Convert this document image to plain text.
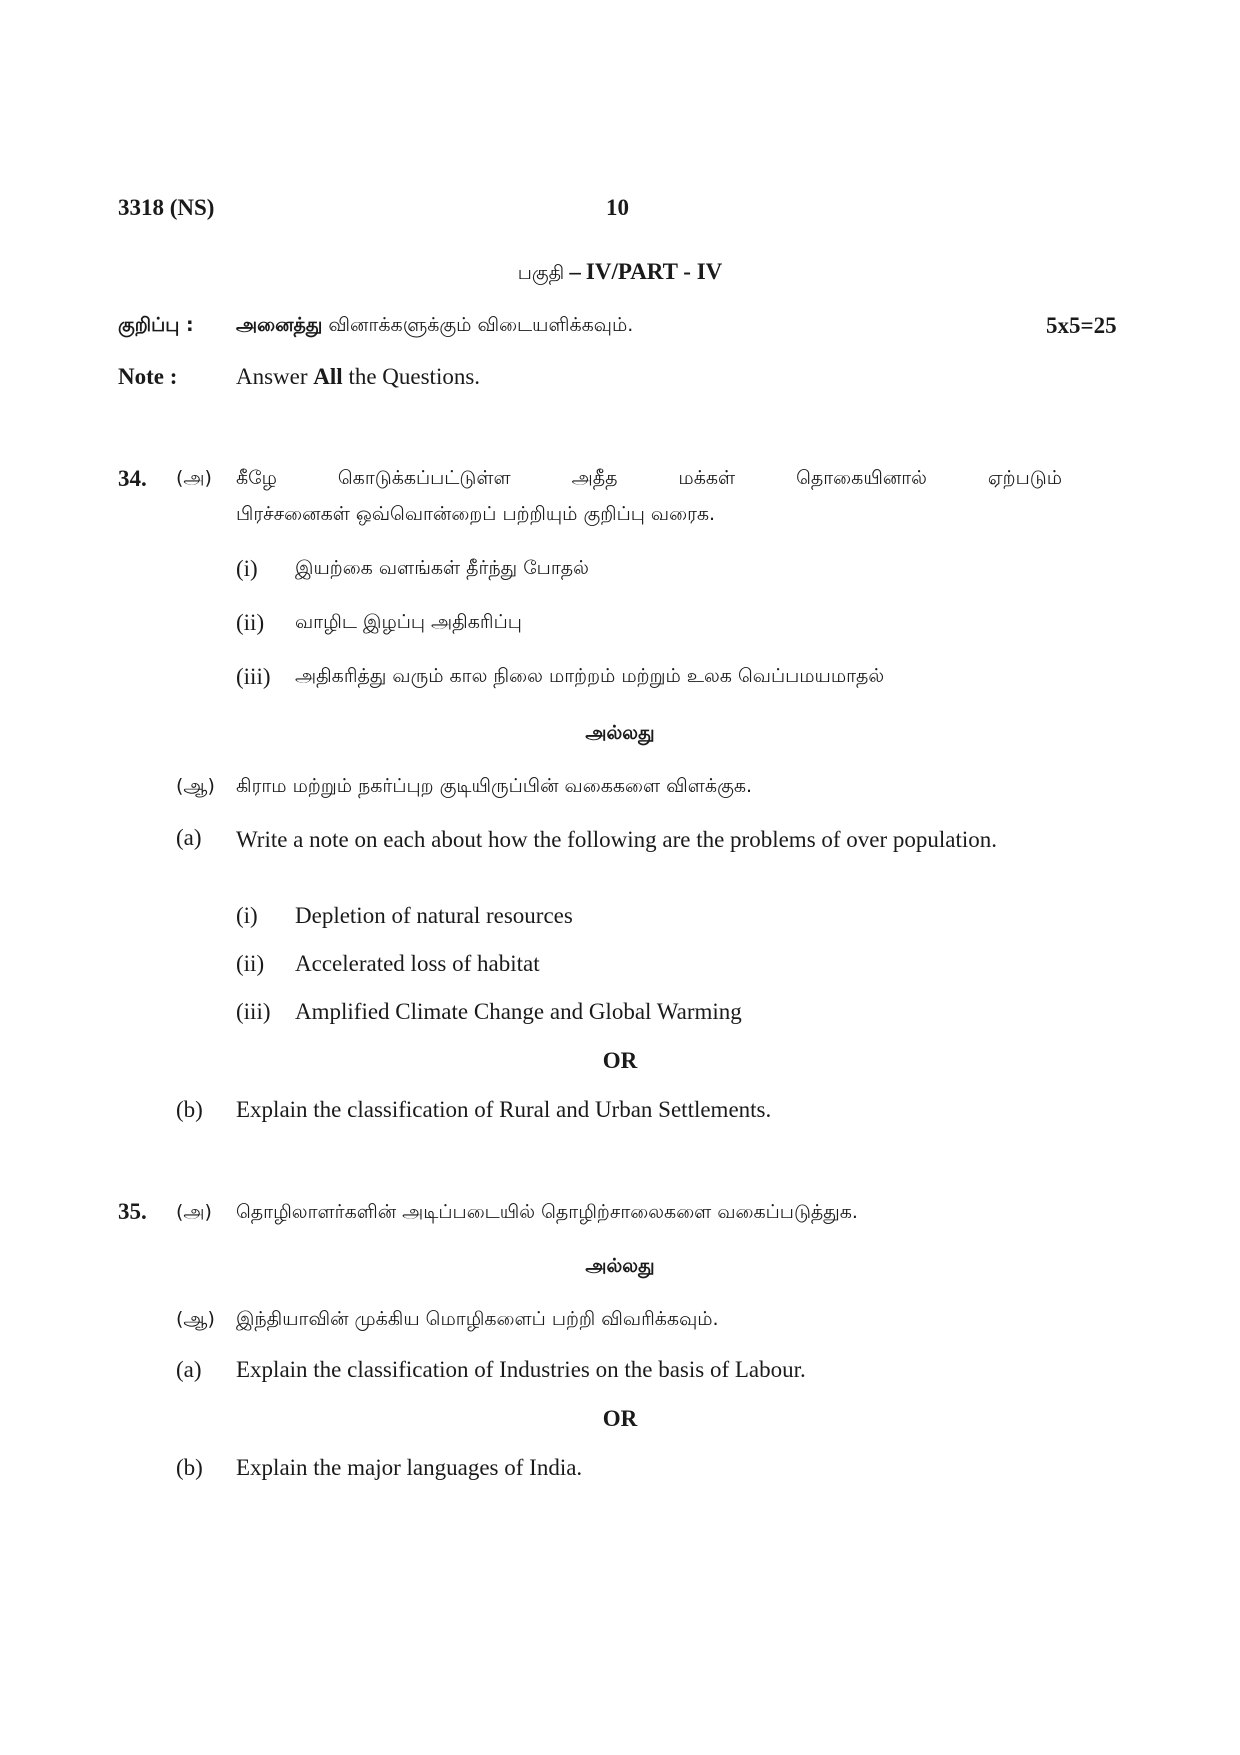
3318 (NS)	10
பகுதி – IV/PART - IV
குறிப்பு : அனைத்து வினாக்களுக்கும் விடையளிக்கவும்.	5x5=25
Note :	Answer All the Questions.
34. (அ) கீழே கொடுக்கப்பட்டுள்ள அதீத மக்கள் தொகையினால் ஏற்படும்
பிரச்சனைகள் ஒவ்வொன்றைப் பற்றியும் குறிப்பு வரைக.
(i) இயற்கை வளங்கள் தீர்ந்து போதல்
(ii) வாழிட இழப்பு அதிகரிப்பு
(iii) அதிகரித்து வரும் கால நிலை மாற்றம் மற்றும் உலக வெப்பமயமாதல்
அல்லது
(ஆ) கிராம மற்றும் நகர்ப்புற குடியிருப்பின் வகைகளை விளக்குக.
(a) Write a note on each about how the following are the problems of over population.
(i) Depletion of natural resources
(ii) Accelerated loss of habitat
(iii) Amplified Climate Change and Global Warming
OR
(b) Explain the classification of Rural and Urban Settlements.
35. (அ) தொழிலாளர்களின் அடிப்படையில் தொழிற்சாலைகளை வகைப்படுத்துக.
அல்லது
(ஆ) இந்தியாவின் முக்கிய மொழிகளைப் பற்றி விவரிக்கவும்.
(a) Explain the classification of Industries on the basis of Labour.
OR
(b) Explain the major languages of India.
